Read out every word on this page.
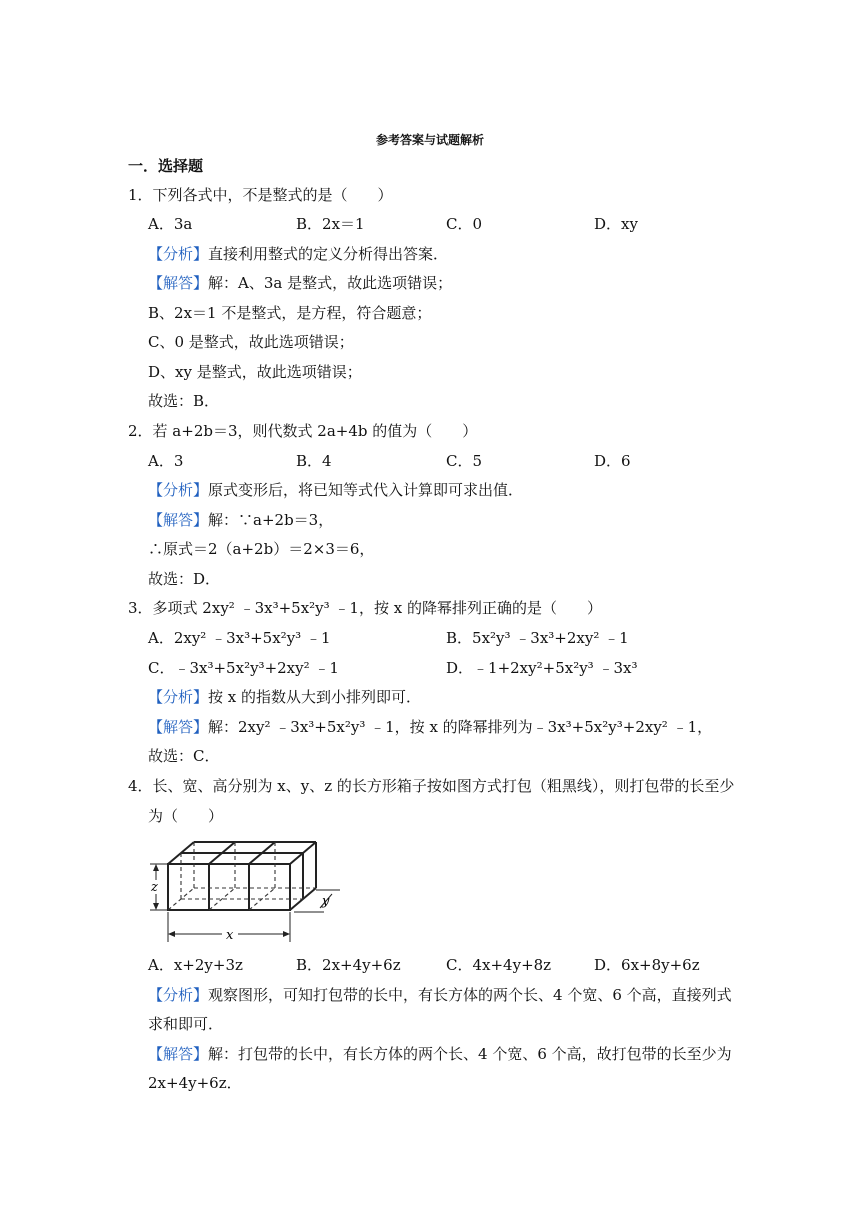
参考答案与试题解析
一．选择题
1．下列各式中，不是整式的是（　　）
A．3a	B．2x＝1	C．0	D．xy
【分析】直接利用整式的定义分析得出答案．
【解答】解：A、3a 是整式，故此选项错误；
B、2x＝1 不是整式，是方程，符合题意；
C、0 是整式，故此选项错误；
D、xy 是整式，故此选项错误；
故选：B．
2．若 a+2b＝3，则代数式 2a+4b 的值为（　　）
A．3	B．4	C．5	D．6
【分析】原式变形后，将已知等式代入计算即可求出值．
【解答】解：∵a+2b＝3，
∴原式＝2（a+2b）＝2×3＝6，
故选：D．
3．多项式 2xy² ﹣3x³+5x²y³ ﹣1，按 x 的降幂排列正确的是（　　）
A．2xy² ﹣3x³+5x²y³ ﹣1	B．5x²y³ ﹣3x³+2xy² ﹣1
C．﹣3x³+5x²y³+2xy² ﹣1	D．﹣1+2xy²+5x²y³ ﹣3x³
【分析】按 x 的指数从大到小排列即可．
【解答】解：2xy² ﹣3x³+5x²y³ ﹣1，按 x 的降幂排列为﹣3x³+5x²y³+2xy² ﹣1，
故选：C．
4．长、宽、高分别为 x、y、z 的长方形箱子按如图方式打包（粗黑线），则打包带的长至少
为（　　）
z
x
y
A．x+2y+3z	B．2x+4y+6z	C．4x+4y+8z	D．6x+8y+6z
【分析】观察图形，可知打包带的长中，有长方体的两个长、4 个宽、6 个高，直接列式
求和即可．
【解答】解：打包带的长中，有长方体的两个长、4 个宽、6 个高，故打包带的长至少为
2x+4y+6z．
